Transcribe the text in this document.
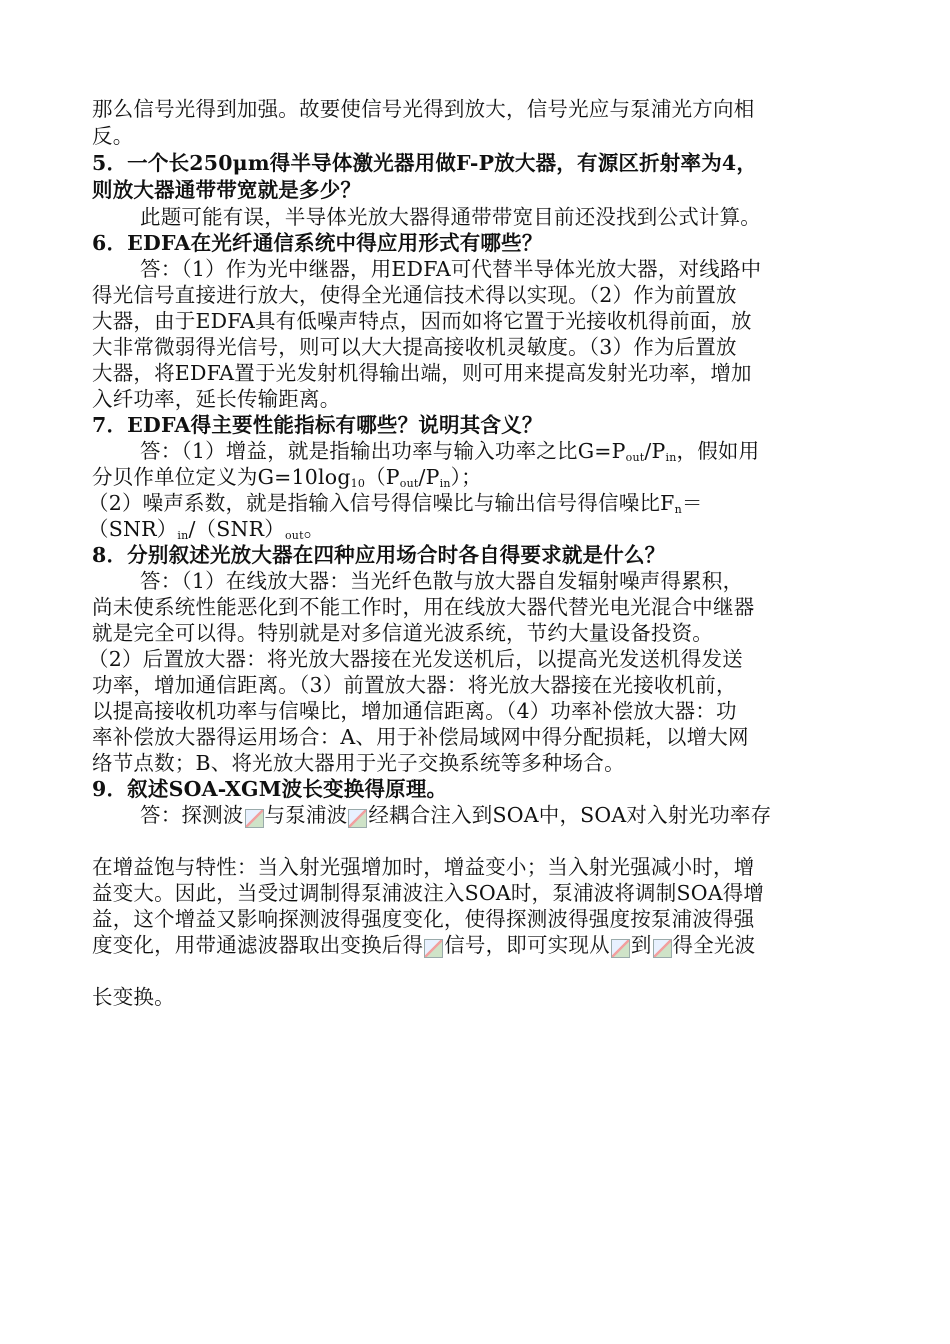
那么信号光得到加强。故要使信号光得到放大，信号光应与泵浦光方向相
反。
5．一个长250μm得半导体激光器用做F-P放大器，有源区折射率为4，
则放大器通带带宽就是多少？
此题可能有误，半导体光放大器得通带带宽目前还没找到公式计算。
6．EDFA在光纤通信系统中得应用形式有哪些？
答：（1）作为光中继器，用EDFA可代替半导体光放大器，对线路中
得光信号直接进行放大，使得全光通信技术得以实现。（2）作为前置放
大器，由于EDFA具有低噪声特点，因而如将它置于光接收机得前面，放
大非常微弱得光信号，则可以大大提高接收机灵敏度。（3）作为后置放
大器，将EDFA置于光发射机得输出端，则可用来提高发射光功率，增加
入纤功率，延长传输距离。
7．EDFA得主要性能指标有哪些？说明其含义？
答：（1）增益，就是指输出功率与输入功率之比$G=P_{out}/P_{in}$，假如用
分贝作单位定义为$G=10\log_{10}(P_{out}/P_{in})$；
（2）噪声系数，就是指输入信号得信噪比与输出信号得信噪比$F_n=$
$(SNR)_{in}/(SNR)_{out}$。
8．分别叙述光放大器在四种应用场合时各自得要求就是什么？
答：（1）在线放大器：当光纤色散与放大器自发辐射噪声得累积，
尚未使系统性能恶化到不能工作时，用在线放大器代替光电光混合中继器
就是完全可以得。特别就是对多信道光波系统，节约大量设备投资。
（2）后置放大器：将光放大器接在光发送机后，以提高光发送机得发送
功率，增加通信距离。（3）前置放大器：将光放大器接在光接收机前，
以提高接收机功率与信噪比，增加通信距离。（4）功率补偿放大器：功
率补偿放大器得运用场合：A、用于补偿局域网中得分配损耗，以增大网
络节点数；B、将光放大器用于光子交换系统等多种场合。
9．叙述SOA-XGM波长变换得原理。
答：探测波 与泵浦波 经耦合注入到SOA中，SOA对入射光功率存
在增益饱与特性：当入射光强增加时，增益变小；当入射光强减小时，增
益变大。因此，当受过调制得泵浦波注入SOA时，泵浦波将调制SOA得增
益，这个增益又影响探测波得强度变化，使得探测波得强度按泵浦波得强
度变化，用带通滤波器取出变换后得 信号，即可实现从 到 得全光波
长变换。
